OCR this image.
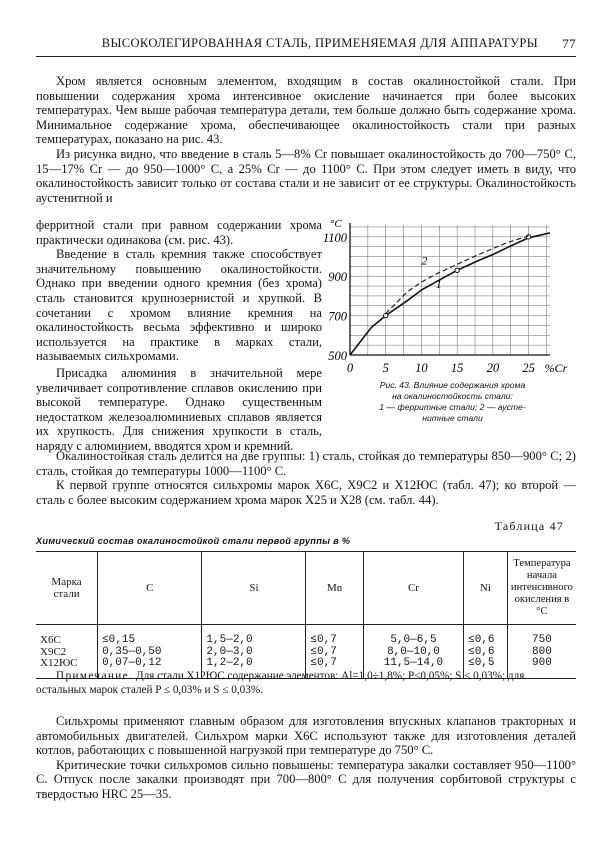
ВЫСОКОЛЕГИРОВАННАЯ СТАЛЬ, ПРИМЕНЯЕМАЯ ДЛЯ АППАРАТУРЫ 77

Хром является основным элементом, входящим в состав окалиностойкой стали. При повышении содержания хрома интенсивное окисление начинается при более высоких температурах. Чем выше рабочая температура детали, тем больше должно быть содержание хрома. Минимальное содержание хрома, обеспечивающее окалиностойкость стали при разных температурах, показано на рис. 43.

Из рисунка видно, что введение в сталь 5—8% Cr повышает окалиностойкость до 700—750° С, 15—17% Cr — до 950—1000° С, а 25% Cr — до 1100° С. При этом следует иметь в виду, что окалиностойкость зависит только от состава стали и не зависит от ее структуры. Окалиностойкость аустенитной и

ферритной стали при равном содержании хрома практически одинакова (см. рис. 43).

Введение в сталь кремния также способствует значительному повышению окалиностойкости. Однако при введении одного кремния (без хрома) сталь становится крупнозернистой и хрупкой. В сочетании с хромом влияние кремния на окалиностойкость весьма эффективно и широко используется на практике в марках стали, называемых сильхромами.

Присадка алюминия в значительной мере увеличивает сопротивление сплавов окислению при высокой температуре. Однако существенным недостатком железоалюминиевых сплавов является их хрупкость. Для снижения хрупкости в сталь, наряду с алюминием, вводятся хром и кремний.

1
2
0 5 10 15 20 25
500
700
900
1100
%Cr
°C
Рис. 43. Влияние содержания хрома
на окалиностойкость стали:
1 — ферритные стали; 2 — аусте-
нитные стали

Окалиностойкая сталь делится на две группы: 1) сталь, стойкая до температуры 850—900° С; 2) сталь, стойкая до температуры 1000—1100° С.

К первой группе относятся сильхромы марок Х6С, Х9С2 и Х12ЮС (табл. 47); ко второй — сталь с более высоким содержанием хрома марок Х25 и Х28 (см. табл. 44).

Таблица 47
Химический состав окалиностойкой стали первой группы в %
Марка стали	C	Si	Mn	Cr	Ni	Температура начала интенсивного окисления в °С

Х6С	≤0,15	1,5—2,0	≤0,7	5,0—6,5	≤0,6	750
Х9С2	0,35—0,50	2,0—3,0	≤0,7	8,0—10,0	≤0,6	800
Х12ЮС	0,07—0,12	1,2—2,0	≤0,7	11,5—14,0	≤0,5	900

Примечание. Для стали Х12ЮС содержание элементов: Al=1,0÷1,8%; P≤0,05%; S ≤ 0,03%; для остальных марок сталей P ≤ 0,03% и S ≤ 0,03%.

Сильхромы применяют главным образом для изготовления впускных клапанов тракторных и автомобильных двигателей. Сильхром марки Х6С используют также для изготовления деталей котлов, работающих с повышенной нагрузкой при температуре до 750° С.

Критические точки сильхромов сильно повышены: температура закалки составляет 950—1100° С. Отпуск после закалки производят при 700—800° С для получения сорбитовой структуры с твердостью HRC 25—35.
